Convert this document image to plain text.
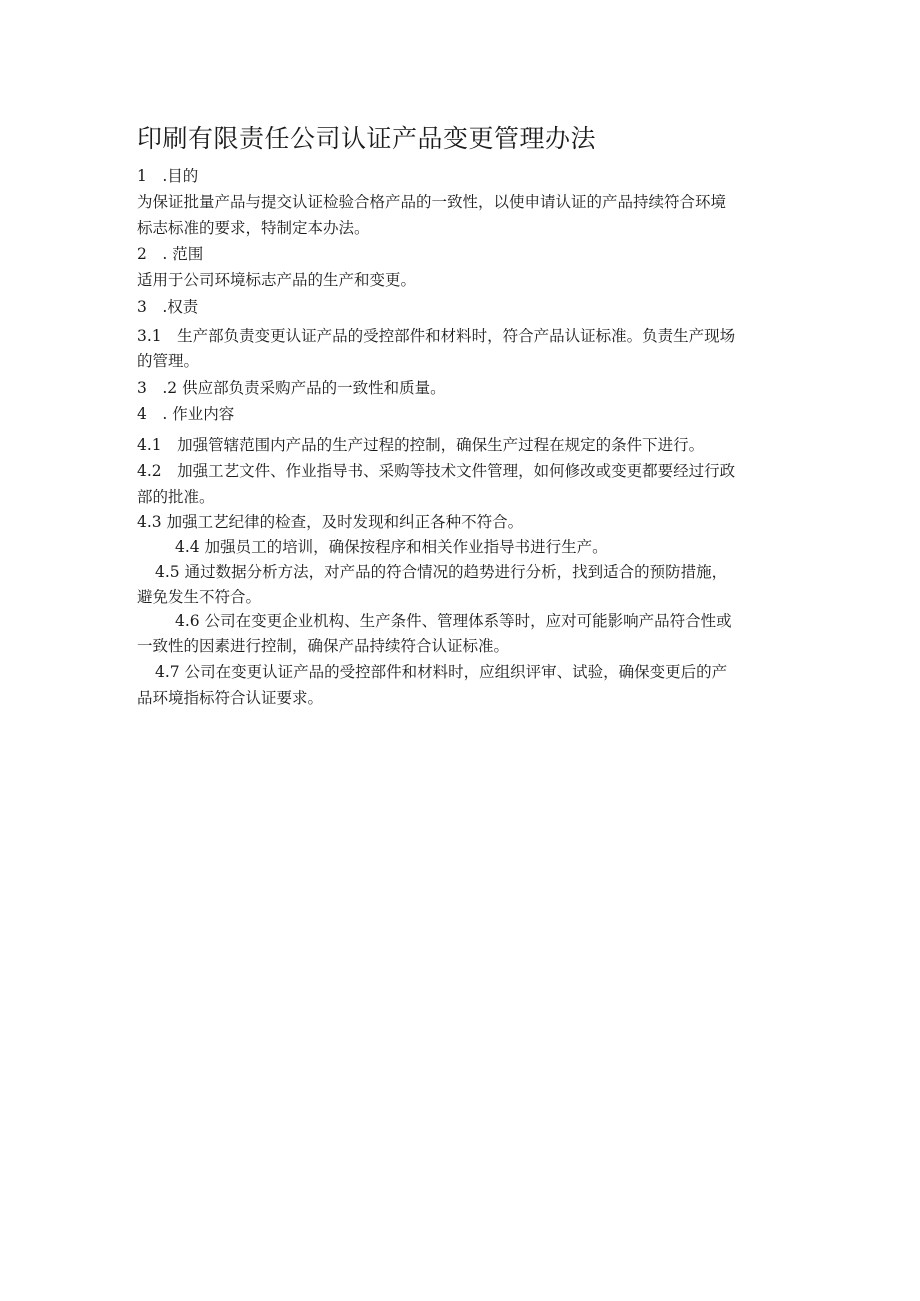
印刷有限责任公司认证产品变更管理办法
1　.目的
为保证批量产品与提交认证检验合格产品的一致性，以使申请认证的产品持续符合环境
标志标准的要求，特制定本办法。
2　. 范围
适用于公司环境标志产品的生产和变更。
3　.权责
3.1　生产部负责变更认证产品的受控部件和材料时，符合产品认证标准。负责生产现场
的管理。
3　.2 供应部负责采购产品的一致性和质量。
4　. 作业内容
4.1　加强管辖范围内产品的生产过程的控制，确保生产过程在规定的条件下进行。
4.2　加强工艺文件、作业指导书、采购等技术文件管理，如何修改或变更都要经过行政
部的批准。
4.3 加强工艺纪律的检查，及时发现和纠正各种不符合。
4.4 加强员工的培训，确保按程序和相关作业指导书进行生产。
4.5 通过数据分析方法，对产品的符合情况的趋势进行分析，找到适合的预防措施，
避免发生不符合。
4.6 公司在变更企业机构、生产条件、管理体系等时，应对可能影响产品符合性或
一致性的因素进行控制，确保产品持续符合认证标准。
4.7 公司在变更认证产品的受控部件和材料时，应组织评审、试验，确保变更后的产
品环境指标符合认证要求。
